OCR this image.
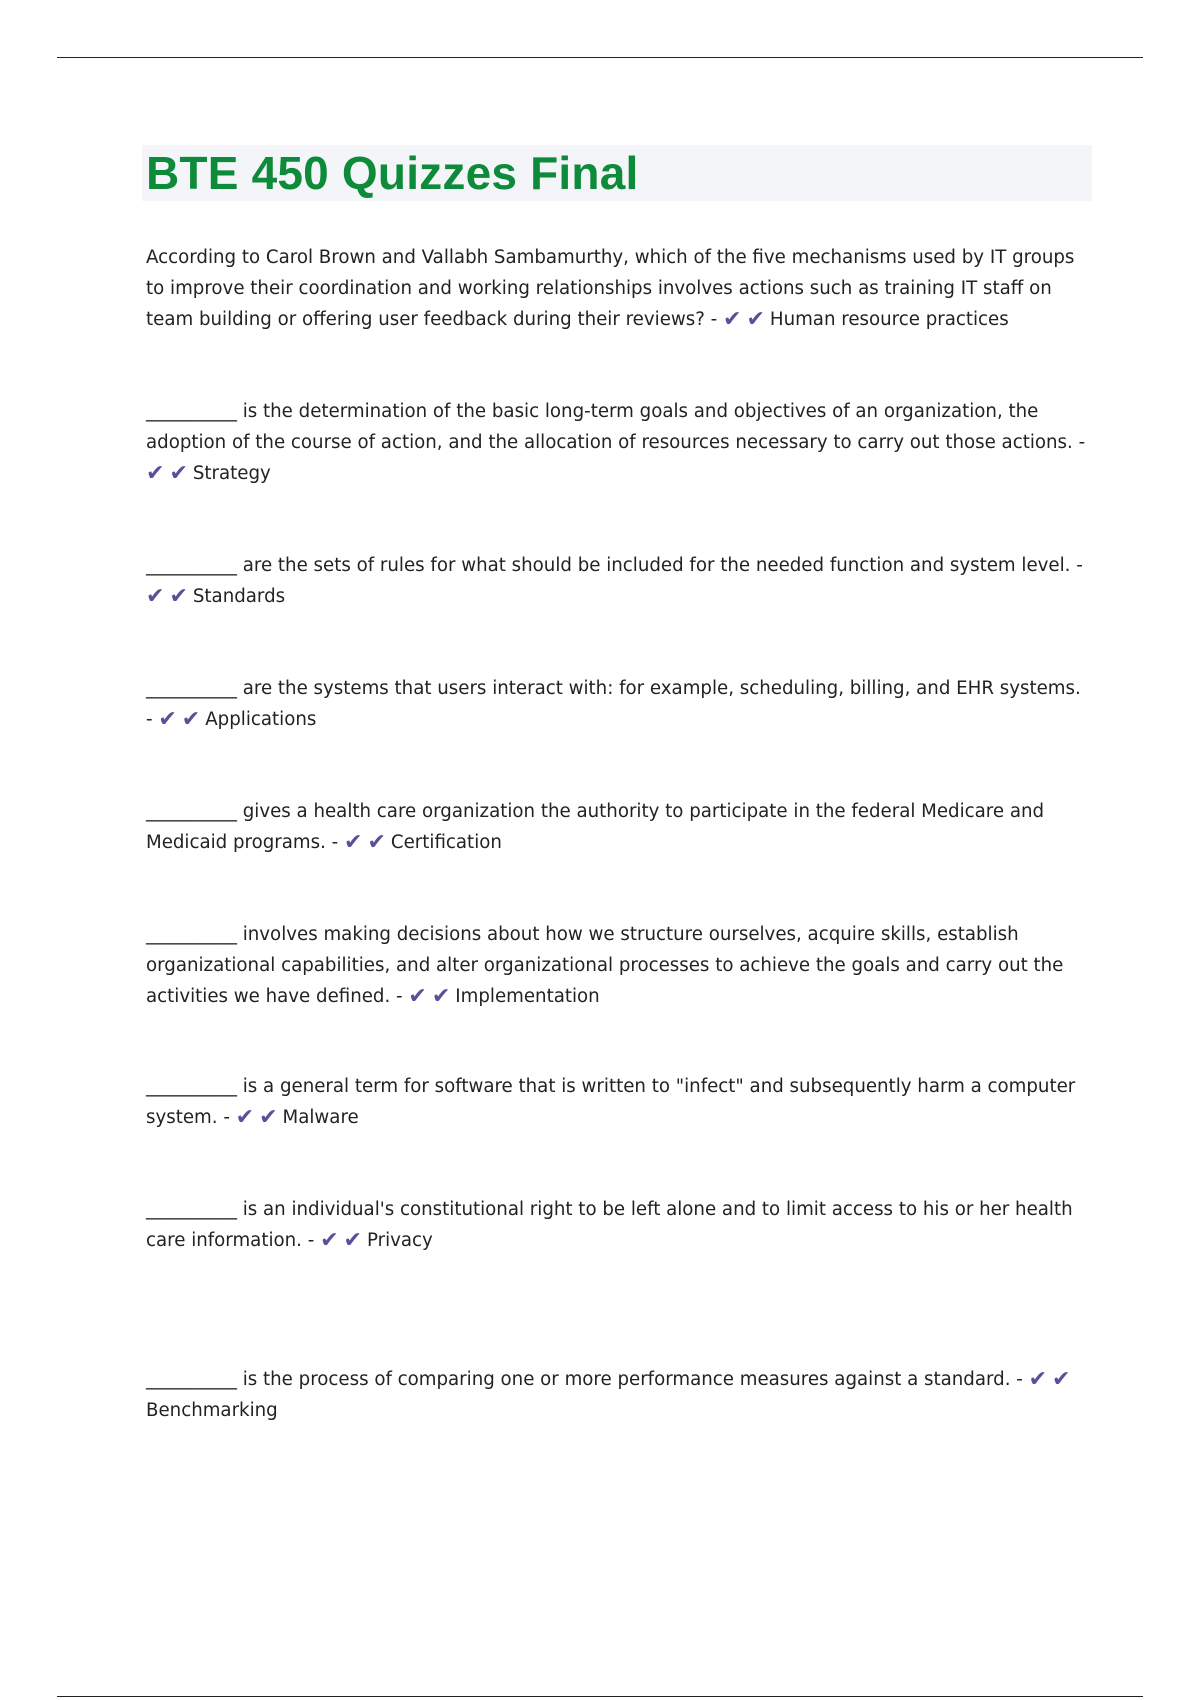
BTE 450 Quizzes Final
According to Carol Brown and Vallabh Sambamurthy, which of the five mechanisms used by IT groups to improve their coordination and working relationships involves actions such as training IT staff on team building or offering user feedback during their reviews? - ✔ ✔ Human resource practices
__________ is the determination of the basic long-term goals and objectives of an organization, the adoption of the course of action, and the allocation of resources necessary to carry out those actions. - ✔ ✔ Strategy
__________ are the sets of rules for what should be included for the needed function and system level. - ✔ ✔ Standards
__________ are the systems that users interact with: for example, scheduling, billing, and EHR systems. - ✔ ✔ Applications
__________ gives a health care organization the authority to participate in the federal Medicare and Medicaid programs. - ✔ ✔ Certification
__________ involves making decisions about how we structure ourselves, acquire skills, establish organizational capabilities, and alter organizational processes to achieve the goals and carry out the activities we have defined. - ✔ ✔ Implementation
__________ is a general term for software that is written to "infect" and subsequently harm a computer system. - ✔ ✔ Malware
__________ is an individual's constitutional right to be left alone and to limit access to his or her health care information. - ✔ ✔ Privacy
__________ is the process of comparing one or more performance measures against a standard. - ✔ ✔Benchmarking
